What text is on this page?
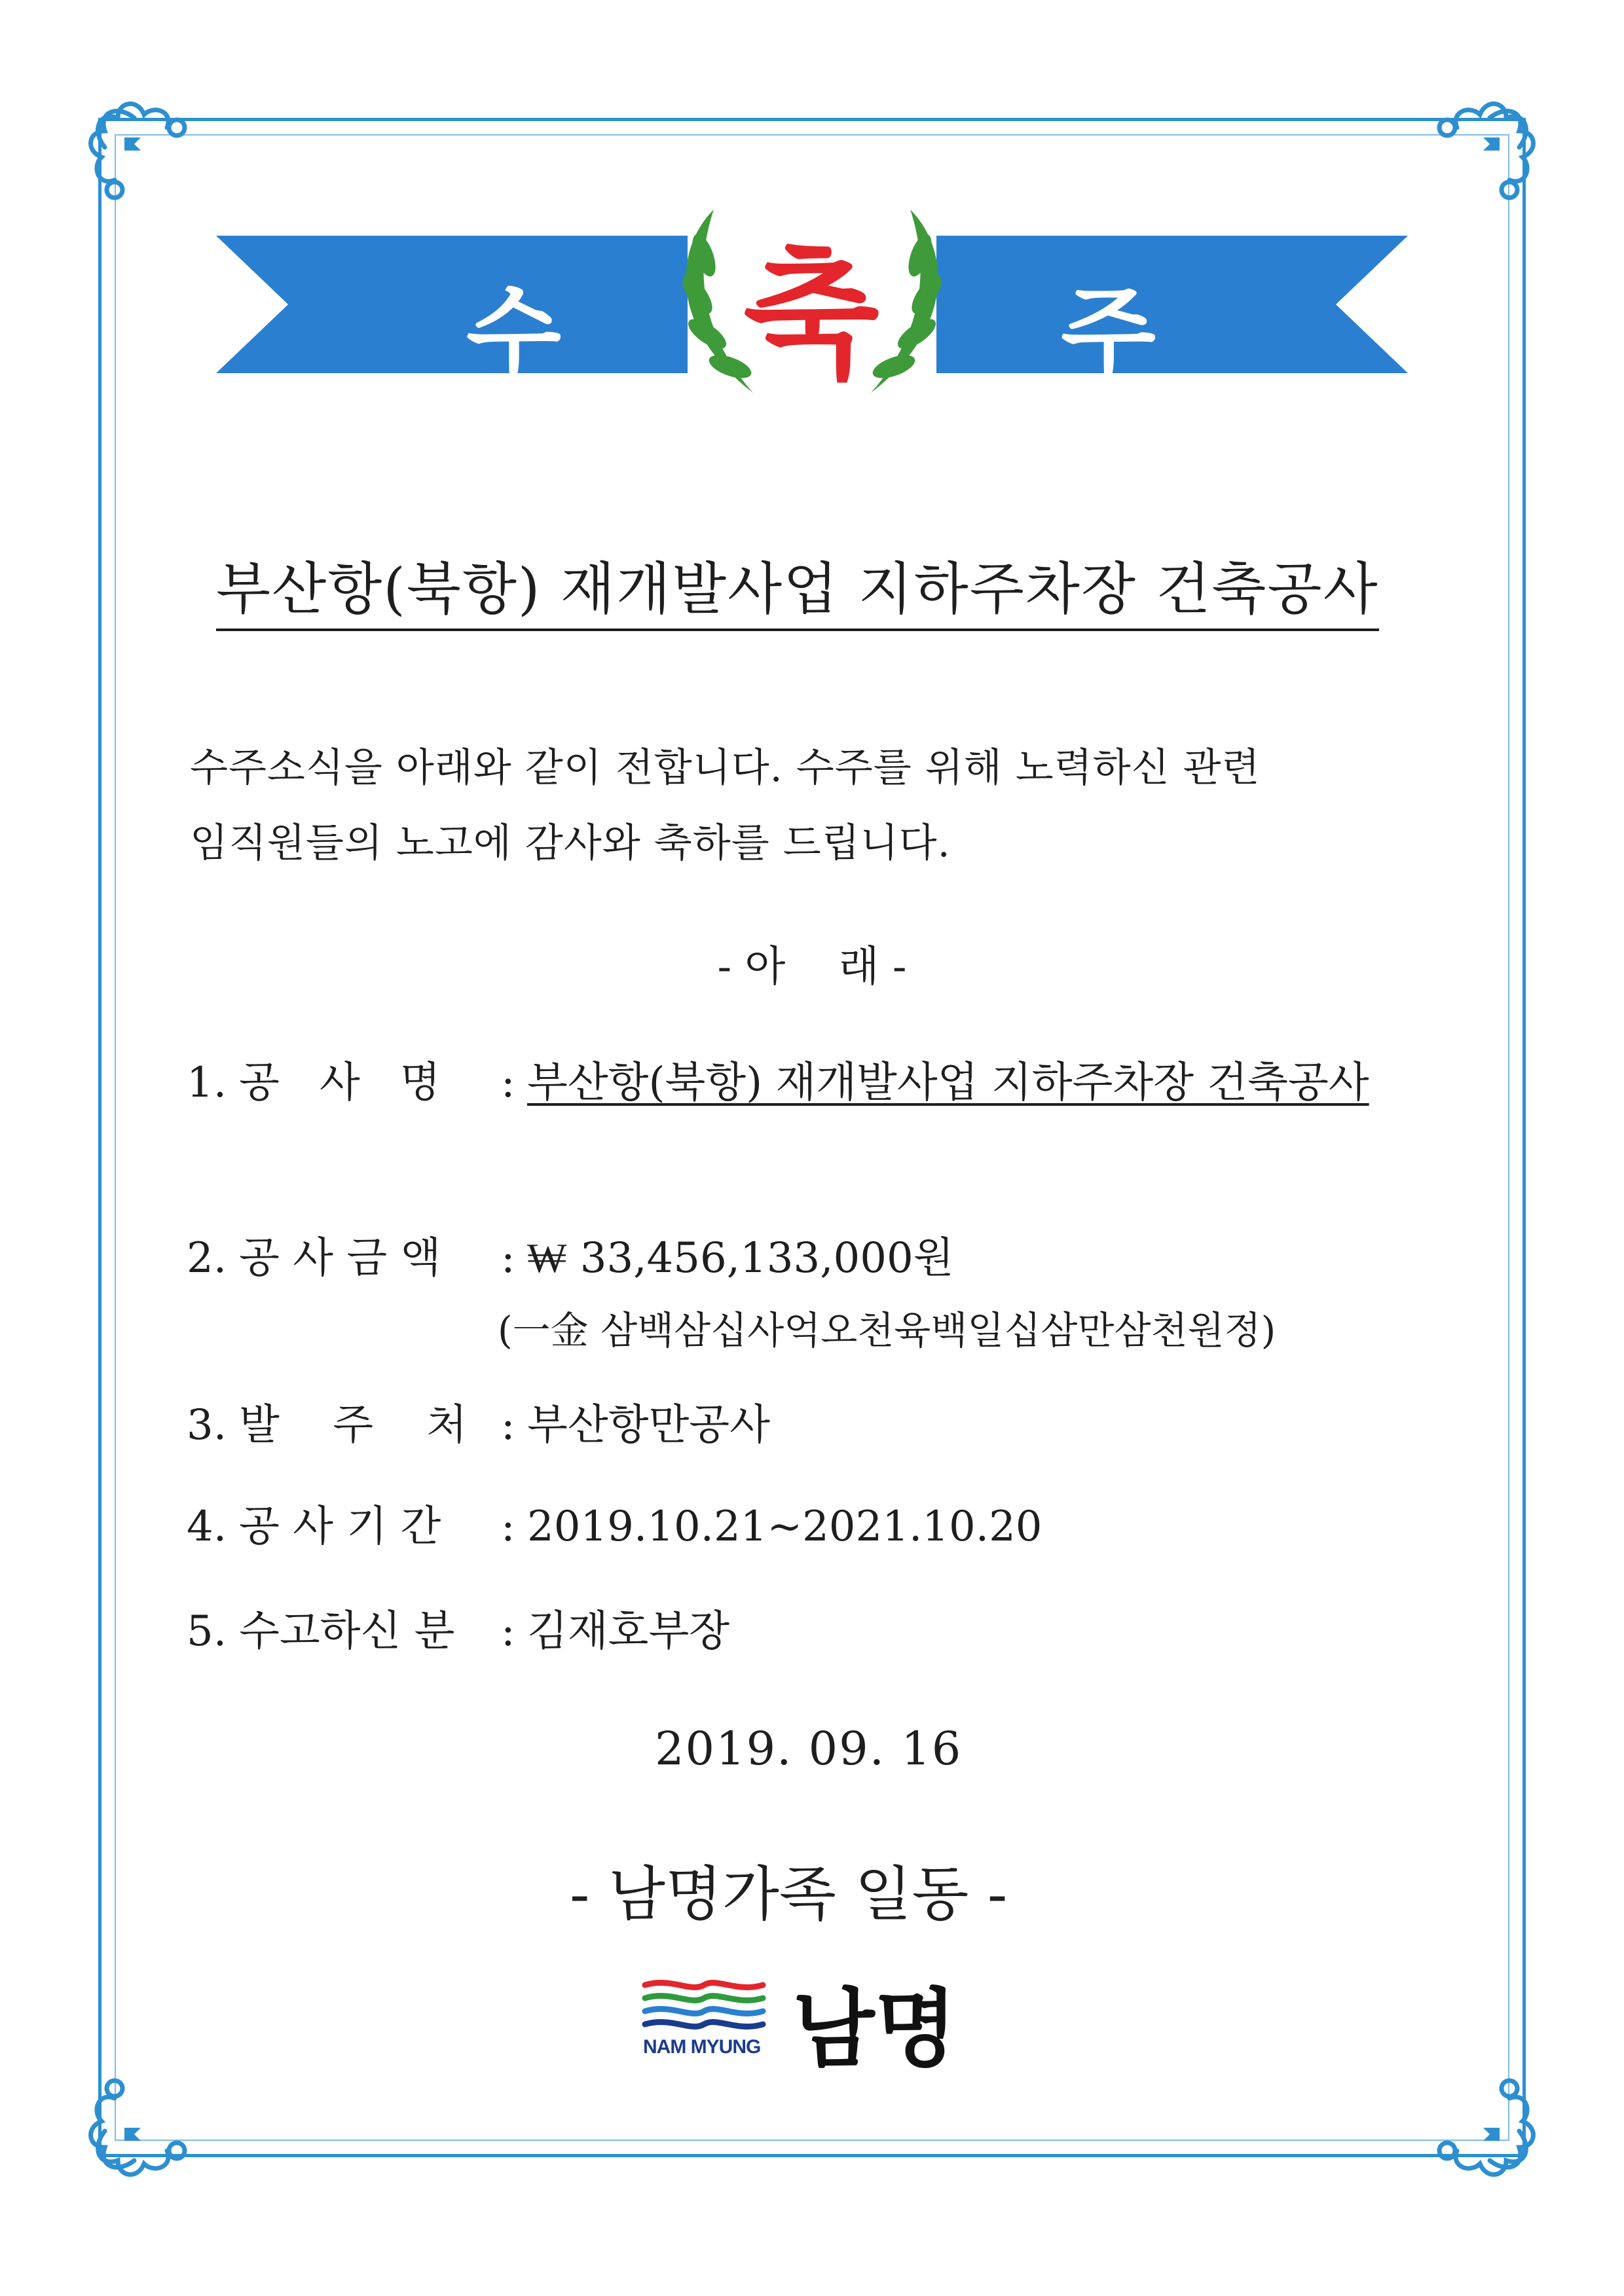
수 축 주
부산항(북항) 재개발사업 지하주차장 건축공사
수주소식을 아래와 같이 전합니다. 수주를 위해 노력하신 관련
임직원들의 노고에 감사와 축하를 드립니다.
- 아    래 -
1. 공   사   명 : 부산항(북항) 재개발사업 지하주차장 건축공사
2. 공 사 금 액 : ₩ 33,456,133,000원
(一金 삼백삼십사억오천육백일십삼만삼천원정)
3. 발    주    처 : 부산항만공사
4. 공 사 기 간 : 2019.10.21~2021.10.20
5. 수고하신 분 : 김재호부장
2019. 09. 16
- 남명가족 일동 -
NAM MYUNG 남명
